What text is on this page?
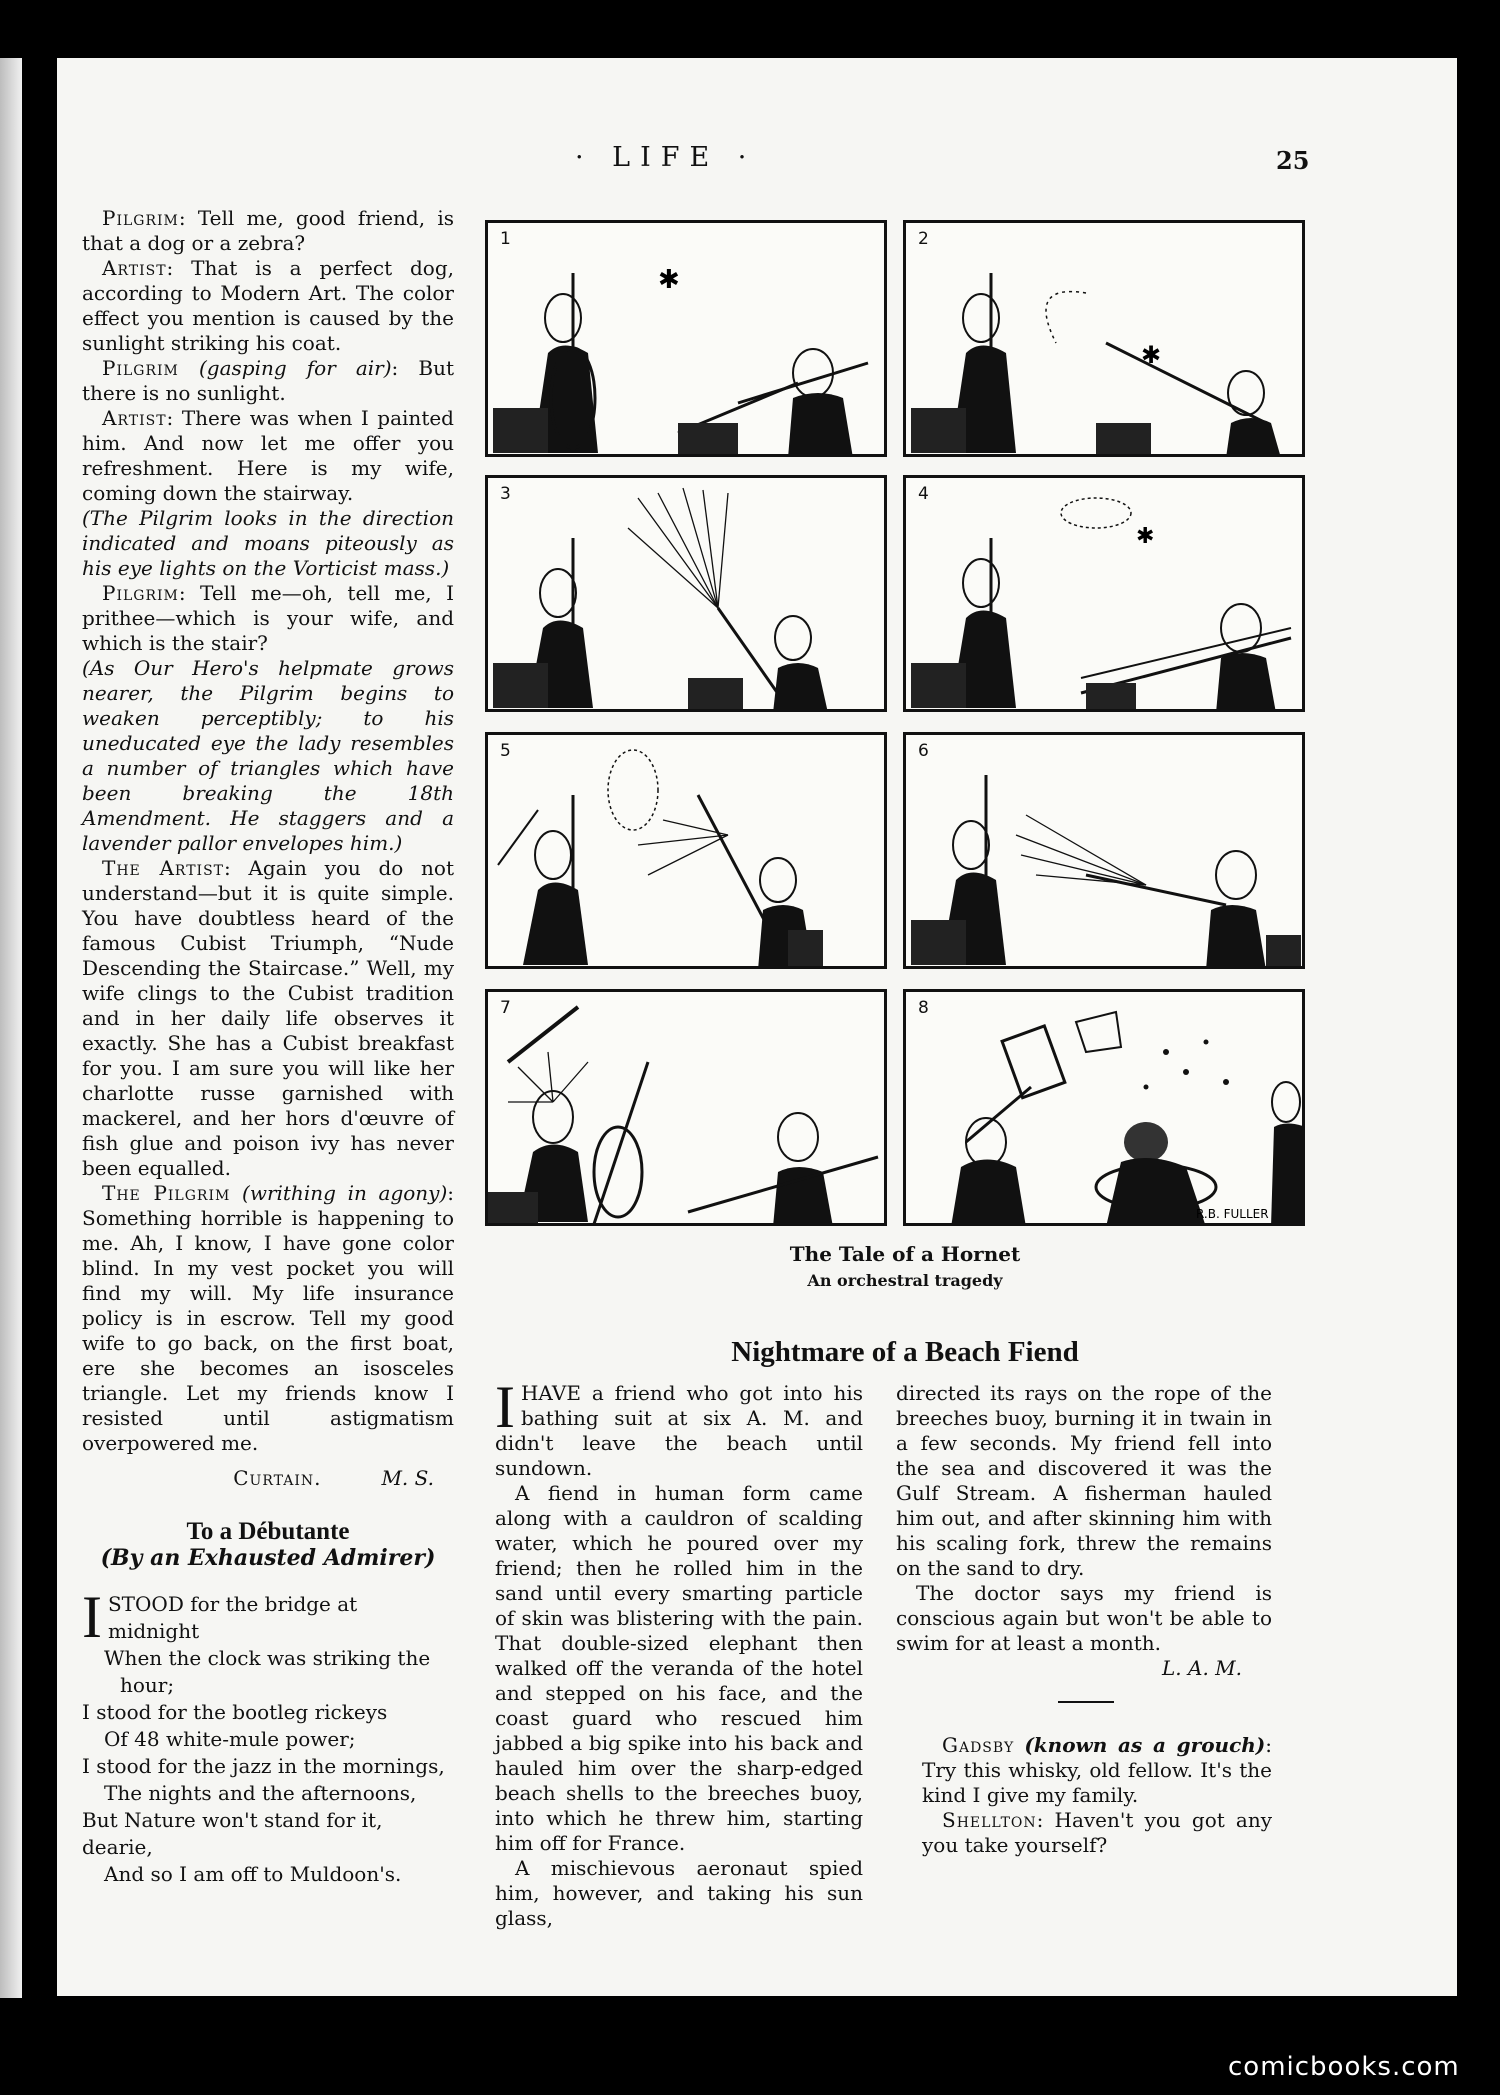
· LIFE ·	25

Pilgrim: Tell me, good friend, is that a dog or a zebra?

Artist: That is a perfect dog, according to Modern Art. The color effect you mention is caused by the sunlight striking his coat.

Pilgrim (gasping for air): But there is no sunlight.

Artist: There was when I painted him. And now let me offer you refreshment. Here is my wife, coming down the stairway.

(The Pilgrim looks in the direction indicated and moans piteously as his eye lights on the Vorticist mass.)

Pilgrim: Tell me—oh, tell me, I prithee—which is your wife, and which is the stair?

(As Our Hero's helpmate grows nearer, the Pilgrim begins to weaken perceptibly; to his uneducated eye the lady resembles a number of triangles which have been breaking the 18th Amendment. He staggers and a lavender pallor envelopes him.)

The Artist: Again you do not understand—but it is quite simple. You have doubtless heard of the famous Cubist Triumph, “Nude Descending the Staircase.” Well, my wife clings to the Cubist tradition and in her daily life observes it exactly. She has a Cubist breakfast for you. I am sure you will like her charlotte russe garnished with mackerel, and her hors d'œuvre of fish glue and poison ivy has never been equalled.

The Pilgrim (writhing in agony): Something horrible is happening to me. Ah, I know, I have gone color blind. In my vest pocket you will find my will. My life insurance policy is in escrow. Tell my good wife to go back, on the first boat, ere she becomes an isosceles triangle. Let my friends know I resisted until astigmatism overpowered me.

Curtain.	M. S.
To a Débutante
(By an Exhausted Admirer)
ISTOOD for the bridge at midnight
When the clock was striking the
hour;
I stood for the bootleg rickeys
Of 48 white-mule power;
I stood for the jazz in the mornings,
The nights and the afternoons,
But Nature won't stand for it, dearie,
And so I am off to Muldoon's.
1
✱
2
✱
3	4
✱
5	6
7	8
R.B. FULLER
The Tale of a Hornet
An orchestral tragedy
Nightmare of a Beach Fiend

IHAVE a friend who got into his bathing suit at six A. M. and didn't leave the beach until sundown.

A fiend in human form came along with a cauldron of scalding water, which he poured over my friend; then he rolled him in the sand until every smarting particle of skin was blistering with the pain. That double-sized elephant then walked off the veranda of the hotel and stepped on his face, and the coast guard who rescued him jabbed a big spike into his back and hauled him over the sharp-edged beach shells to the breeches buoy, into which he threw him, starting him off for France.

A mischievous aeronaut spied him, however, and taking his sun glass,

directed its rays on the rope of the breeches buoy, burning it in twain in a few seconds. My friend fell into the sea and discovered it was the Gulf Stream. A fisherman hauled him out, and after skinning him with his scaling fork, threw the remains on the sand to dry.

The doctor says my friend is conscious again but won't be able to swim for at least a month.

L. A. M.

Gadsby (known as a grouch): Try this whisky, old fellow. It's the kind I give my family.

Shellton: Haven't you got any you take yourself?

comicbooks.com
